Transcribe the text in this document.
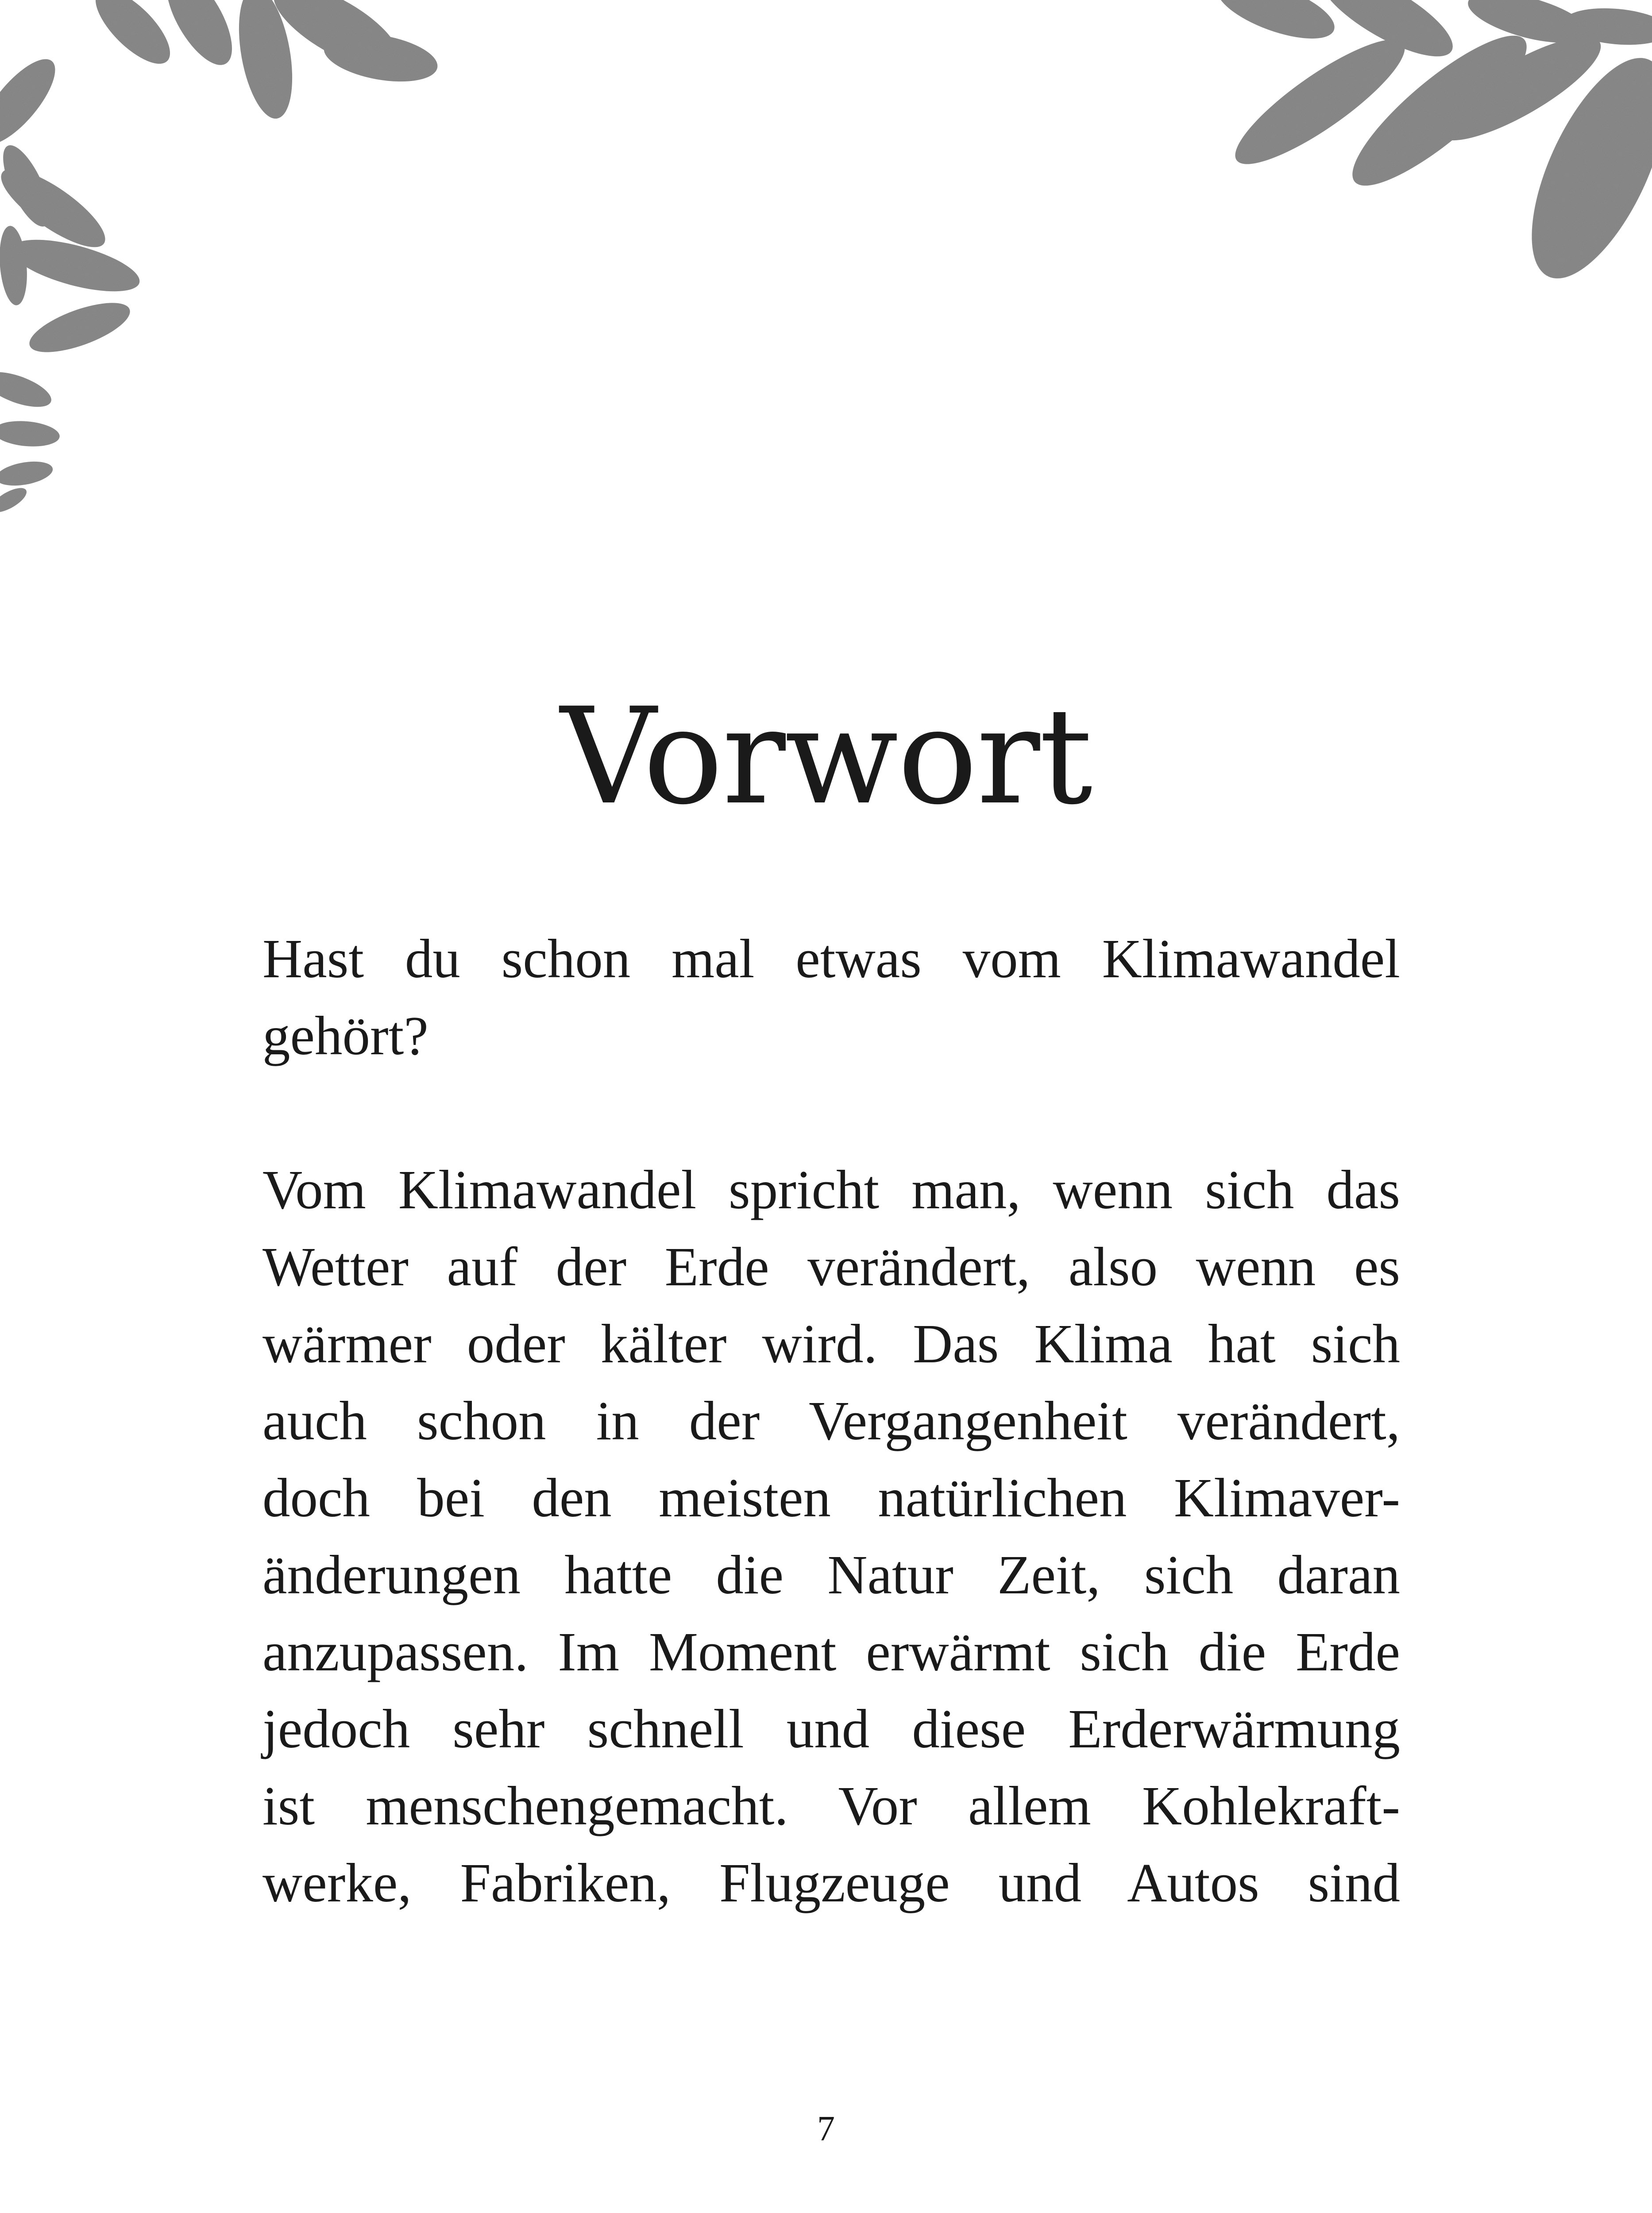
Vorwort

Hast du schon mal etwas vom Klimawandel
gehört?

Vom Klimawandel spricht man, wenn sich das
Wetter auf der Erde verändert, also wenn es
wärmer oder kälter wird. Das Klima hat sich
auch schon in der Vergangenheit verändert,
doch bei den meisten natürlichen Klimaver-
änderungen hatte die Natur Zeit, sich daran
anzupassen. Im Moment erwärmt sich die Erde
jedoch sehr schnell und diese Erderwärmung
ist menschengemacht. Vor allem Kohlekraft-
werke, Fabriken, Flugzeuge und Autos sind

7
